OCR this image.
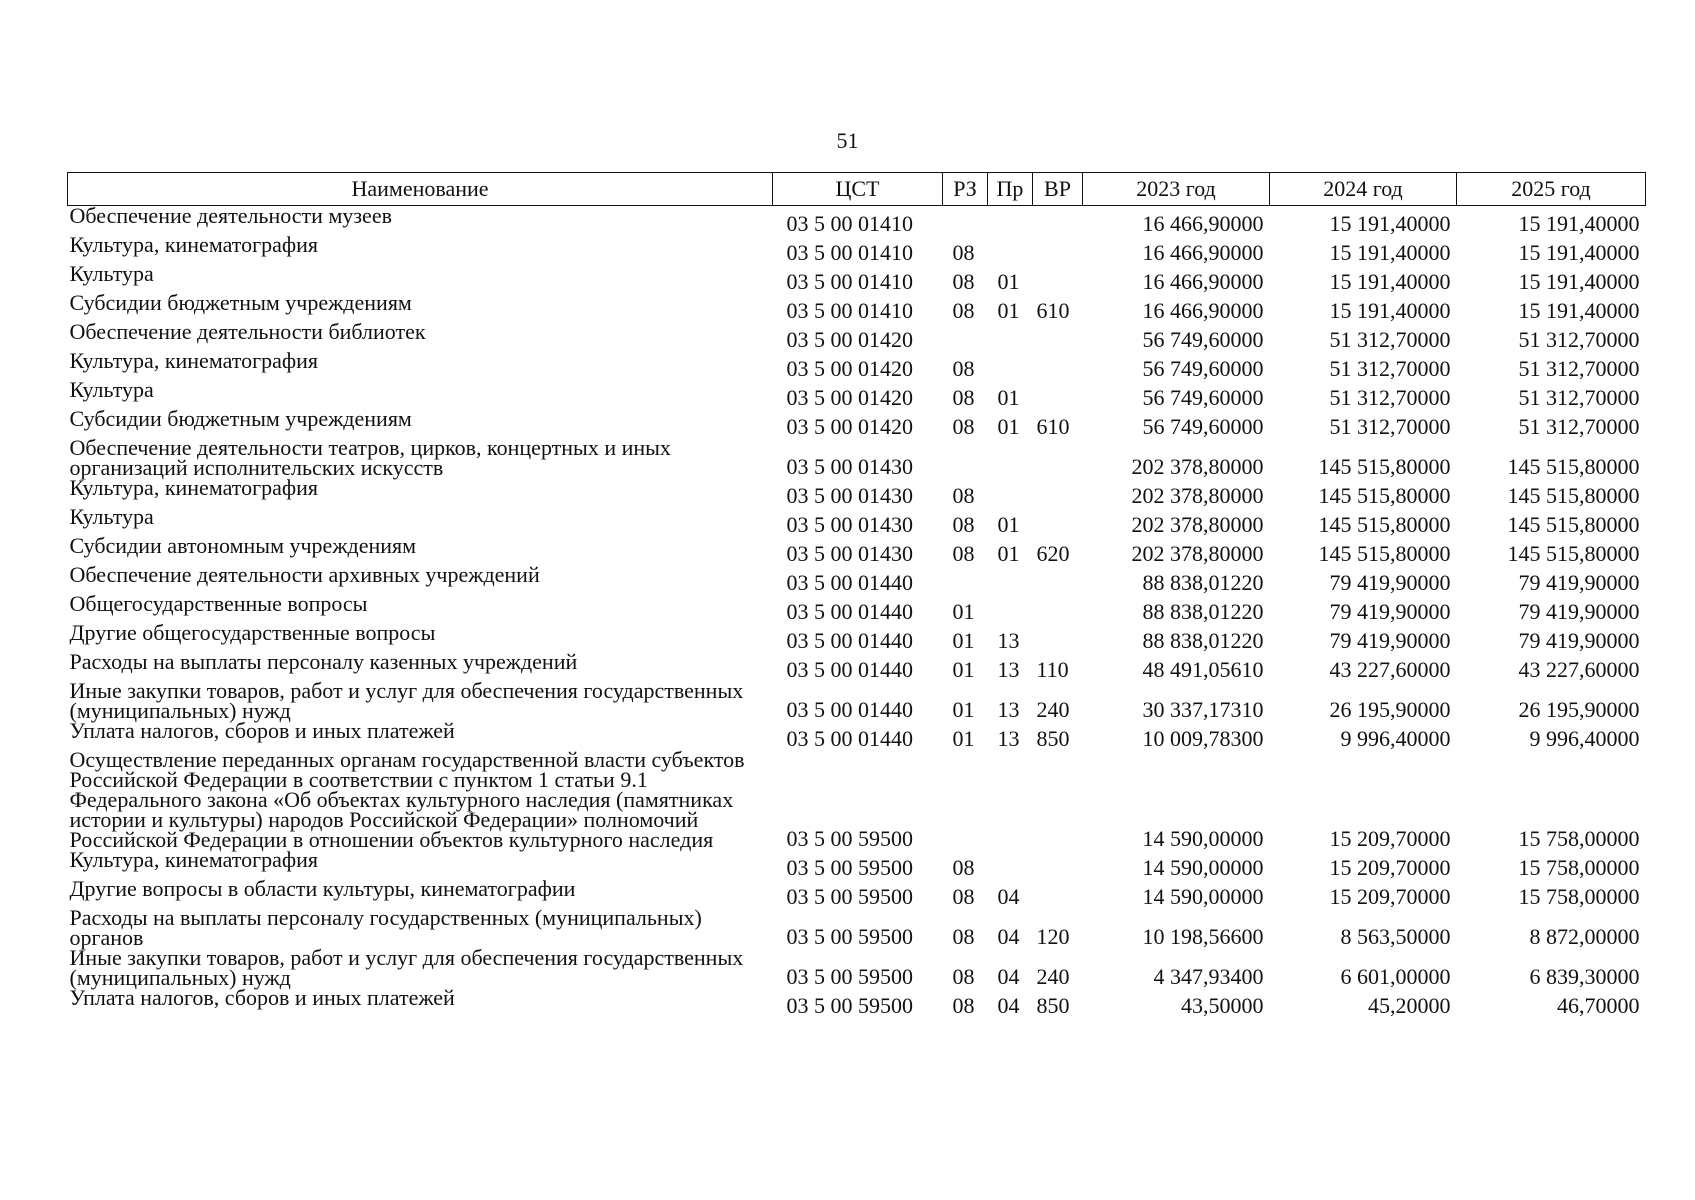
51
Наименование	ЦСТ	РЗ	Пр	ВР	2023 год	2024 год	2025 год
Обеспечение деятельности музеев	03 5 00 01410				16 466,90000	15 191,40000	15 191,40000
Культура, кинематография	03 5 00 01410	08			16 466,90000	15 191,40000	15 191,40000
Культура	03 5 00 01410	08	01		16 466,90000	15 191,40000	15 191,40000
Субсидии бюджетным учреждениям	03 5 00 01410	08	01	610	16 466,90000	15 191,40000	15 191,40000
Обеспечение деятельности библиотек	03 5 00 01420				56 749,60000	51 312,70000	51 312,70000
Культура, кинематография	03 5 00 01420	08			56 749,60000	51 312,70000	51 312,70000
Культура	03 5 00 01420	08	01		56 749,60000	51 312,70000	51 312,70000
Субсидии бюджетным учреждениям	03 5 00 01420	08	01	610	56 749,60000	51 312,70000	51 312,70000
Обеспечение деятельности театров, цирков, концертных и иных организаций исполнительских искусств	03 5 00 01430				202 378,80000	145 515,80000	145 515,80000
Культура, кинематография	03 5 00 01430	08			202 378,80000	145 515,80000	145 515,80000
Культура	03 5 00 01430	08	01		202 378,80000	145 515,80000	145 515,80000
Субсидии автономным учреждениям	03 5 00 01430	08	01	620	202 378,80000	145 515,80000	145 515,80000
Обеспечение деятельности архивных учреждений	03 5 00 01440				88 838,01220	79 419,90000	79 419,90000
Общегосударственные вопросы	03 5 00 01440	01			88 838,01220	79 419,90000	79 419,90000
Другие общегосударственные вопросы	03 5 00 01440	01	13		88 838,01220	79 419,90000	79 419,90000
Расходы на выплаты персоналу казенных учреждений	03 5 00 01440	01	13	110	48 491,05610	43 227,60000	43 227,60000
Иные закупки товаров, работ и услуг для обеспечения государственных (муниципальных) нужд	03 5 00 01440	01	13	240	30 337,17310	26 195,90000	26 195,90000
Уплата налогов, сборов и иных платежей	03 5 00 01440	01	13	850	10 009,78300	9 996,40000	9 996,40000
Осуществление переданных органам государственной власти субъектов Российской Федерации в соответствии с пунктом 1 статьи 9.1 Федерального закона «Об объектах культурного наследия (памятниках истории и культуры) народов Российской Федерации» полномочий Российской Федерации в отношении объектов культурного наследия	03 5 00 59500				14 590,00000	15 209,70000	15 758,00000
Культура, кинематография	03 5 00 59500	08			14 590,00000	15 209,70000	15 758,00000
Другие вопросы в области культуры, кинематографии	03 5 00 59500	08	04		14 590,00000	15 209,70000	15 758,00000
Расходы на выплаты персоналу государственных (муниципальных) органов	03 5 00 59500	08	04	120	10 198,56600	8 563,50000	8 872,00000
Иные закупки товаров, работ и услуг для обеспечения государственных (муниципальных) нужд	03 5 00 59500	08	04	240	4 347,93400	6 601,00000	6 839,30000
Уплата налогов, сборов и иных платежей	03 5 00 59500	08	04	850	43,50000	45,20000	46,70000
